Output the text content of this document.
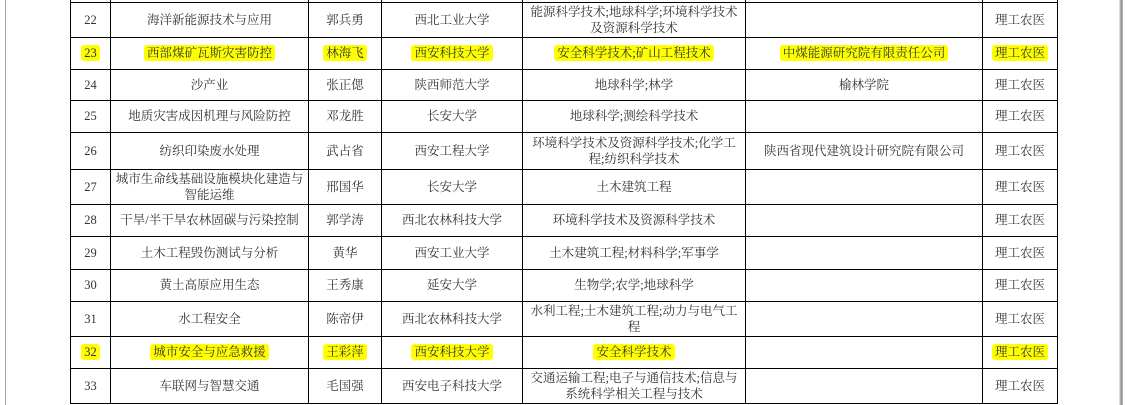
22	海洋新能源技术与应用	郭兵勇	西北工业大学	能源科学技术;地球科学;环境科学技术及资源科学技术		理工农医
23	西部煤矿瓦斯灾害防控	林海飞	西安科技大学	安全科学技术;矿山工程技术	中煤能源研究院有限责任公司	理工农医
24	沙产业	张正偲	陕西师范大学	地球科学;林学	榆林学院	理工农医
25	地质灾害成因机理与风险防控	邓龙胜	长安大学	地球科学;测绘科学技术		理工农医
26	纺织印染废水处理	武占省	西安工程大学	环境科学技术及资源科学技术;化学工程;纺织科学技术	陕西省现代建筑设计研究院有限公司	理工农医
27	城市生命线基础设施模块化建造与智能运维	邢国华	长安大学	土木建筑工程		理工农医
28	干旱/半干旱农林固碳与污染控制	郭学涛	西北农林科技大学	环境科学技术及资源科学技术		理工农医
29	土木工程毁伤测试与分析	黄华	西安工业大学	土木建筑工程;材料科学;军事学		理工农医
30	黄土高原应用生态	王秀康	延安大学	生物学;农学;地球科学		理工农医
31	水工程安全	陈帝伊	西北农林科技大学	水利工程;土木建筑工程;动力与电气工程		理工农医
32	城市安全与应急救援	王彩萍	西安科技大学	安全科学技术		理工农医
33	车联网与智慧交通	毛国强	西安电子科技大学	交通运输工程;电子与通信技术;信息与系统科学相关工程与技术		理工农医
